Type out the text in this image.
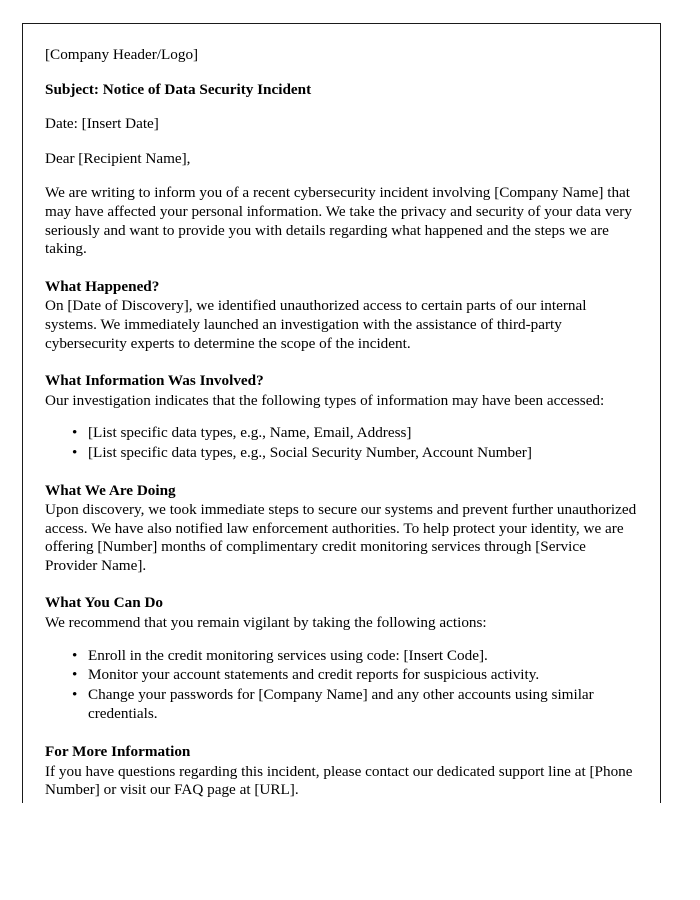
[Company Header/Logo]

Subject: Notice of Data Security Incident

Date: [Insert Date]

Dear [Recipient Name],

We are writing to inform you of a recent cybersecurity incident involving [Company Name] that may have affected your personal information. We take the privacy and security of your data very seriously and want to provide you with details regarding what happened and the steps we are taking.

What Happened?

On [Date of Discovery], we identified unauthorized access to certain parts of our internal systems. We immediately launched an investigation with the assistance of third-party cybersecurity experts to determine the scope of the incident.

What Information Was Involved?

Our investigation indicates that the following types of information may have been accessed:

• [List specific data types, e.g., Name, Email, Address]
• [List specific data types, e.g., Social Security Number, Account Number]

What We Are Doing

Upon discovery, we took immediate steps to secure our systems and prevent further unauthorized access. We have also notified law enforcement authorities. To help protect your identity, we are offering [Number] months of complimentary credit monitoring services through [Service Provider Name].

What You Can Do

We recommend that you remain vigilant by taking the following actions:

• Enroll in the credit monitoring services using code: [Insert Code].
• Monitor your account statements and credit reports for suspicious activity.
• Change your passwords for [Company Name] and any other accounts using similar credentials.

For More Information

If you have questions regarding this incident, please contact our dedicated support line at [Phone Number] or visit our FAQ page at [URL].
